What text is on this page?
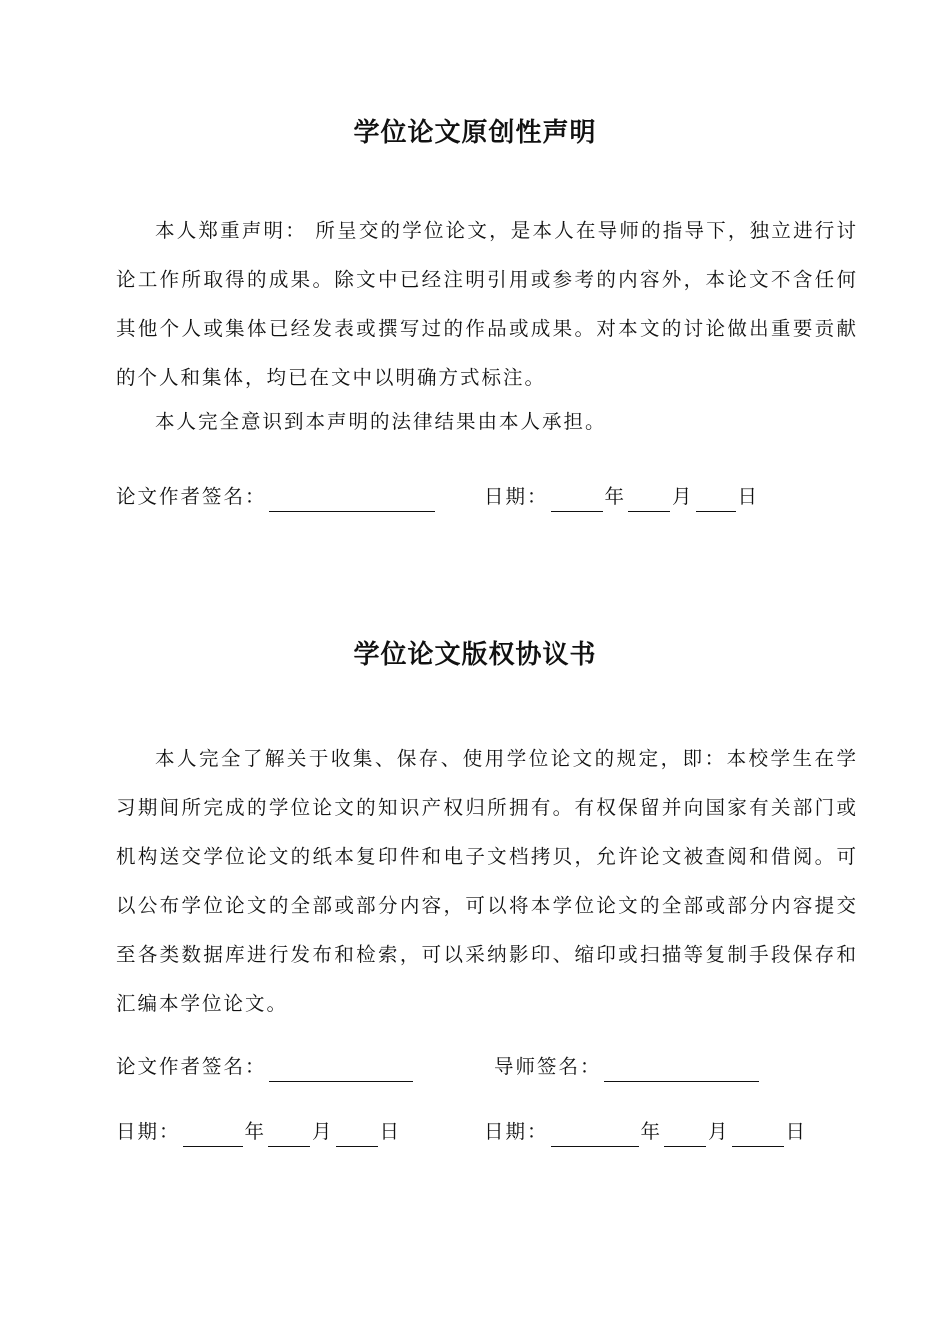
学位论文原创性声明

本人郑重声明： 所呈交的学位论文，是本人在导师的指导下，独立进行讨论工作所取得的成果。除文中已经注明引用或参考的内容外，本论文不含任何其他个人或集体已经发表或撰写过的作品或成果。对本文的讨论做出重要贡献的个人和集体，均已在文中以明确方式标注。

本人完全意识到本声明的法律结果由本人承担。

论文作者签名：	日期：	年 月 日
学位论文版权协议书

本人完全了解关于收集、保存、使用学位论文的规定，即：本校学生在学习期间所完成的学位论文的知识产权归所拥有。有权保留并向国家有关部门或机构送交学位论文的纸本复印件和电子文档拷贝，允许论文被查阅和借阅。可以公布学位论文的全部或部分内容，可以将本学位论文的全部或部分内容提交至各类数据库进行发布和检索，可以采纳影印、缩印或扫描等复制手段保存和汇编本学位论文。

论文作者签名：	导师签名：
日期：	年 月 日	日期：	年 月	日
